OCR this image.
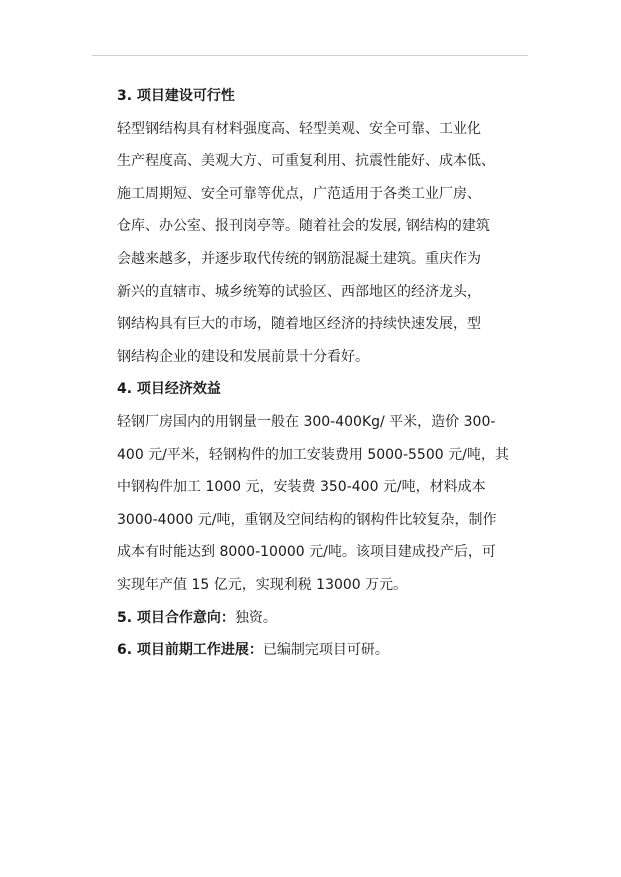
3. 项目建设可行性
轻型钢结构具有材料强度高、轻型美观、安全可靠、工业化
生产程度高、美观大方、可重复利用、抗震性能好、成本低、
施工周期短、安全可靠等优点，广范适用于各类工业厂房、
仓库、办公室、报刊岗亭等。随着社会的发展, 钢结构的建筑
会越来越多，并逐步取代传统的钢筋混凝土建筑。重庆作为
新兴的直辖市、城乡统筹的试验区、西部地区的经济龙头，
钢结构具有巨大的市场，随着地区经济的持续快速发展，型
钢结构企业的建设和发展前景十分看好。
4. 项目经济效益
轻钢厂房国内的用钢量一般在 300-400Kg/ 平米，造价 300-
400 元/平米，轻钢构件的加工安装费用 5000-5500 元/吨，其
中钢构件加工 1000 元，安装费 350-400 元/吨，材料成本
3000-4000 元/吨，重钢及空间结构的钢构件比较复杂，制作
成本有时能达到 8000-10000 元/吨。该项目建成投产后，可
实现年产值 15 亿元，实现利税 13000 万元。
5. 项目合作意向：独资。
6. 项目前期工作进展：已编制完项目可研。
